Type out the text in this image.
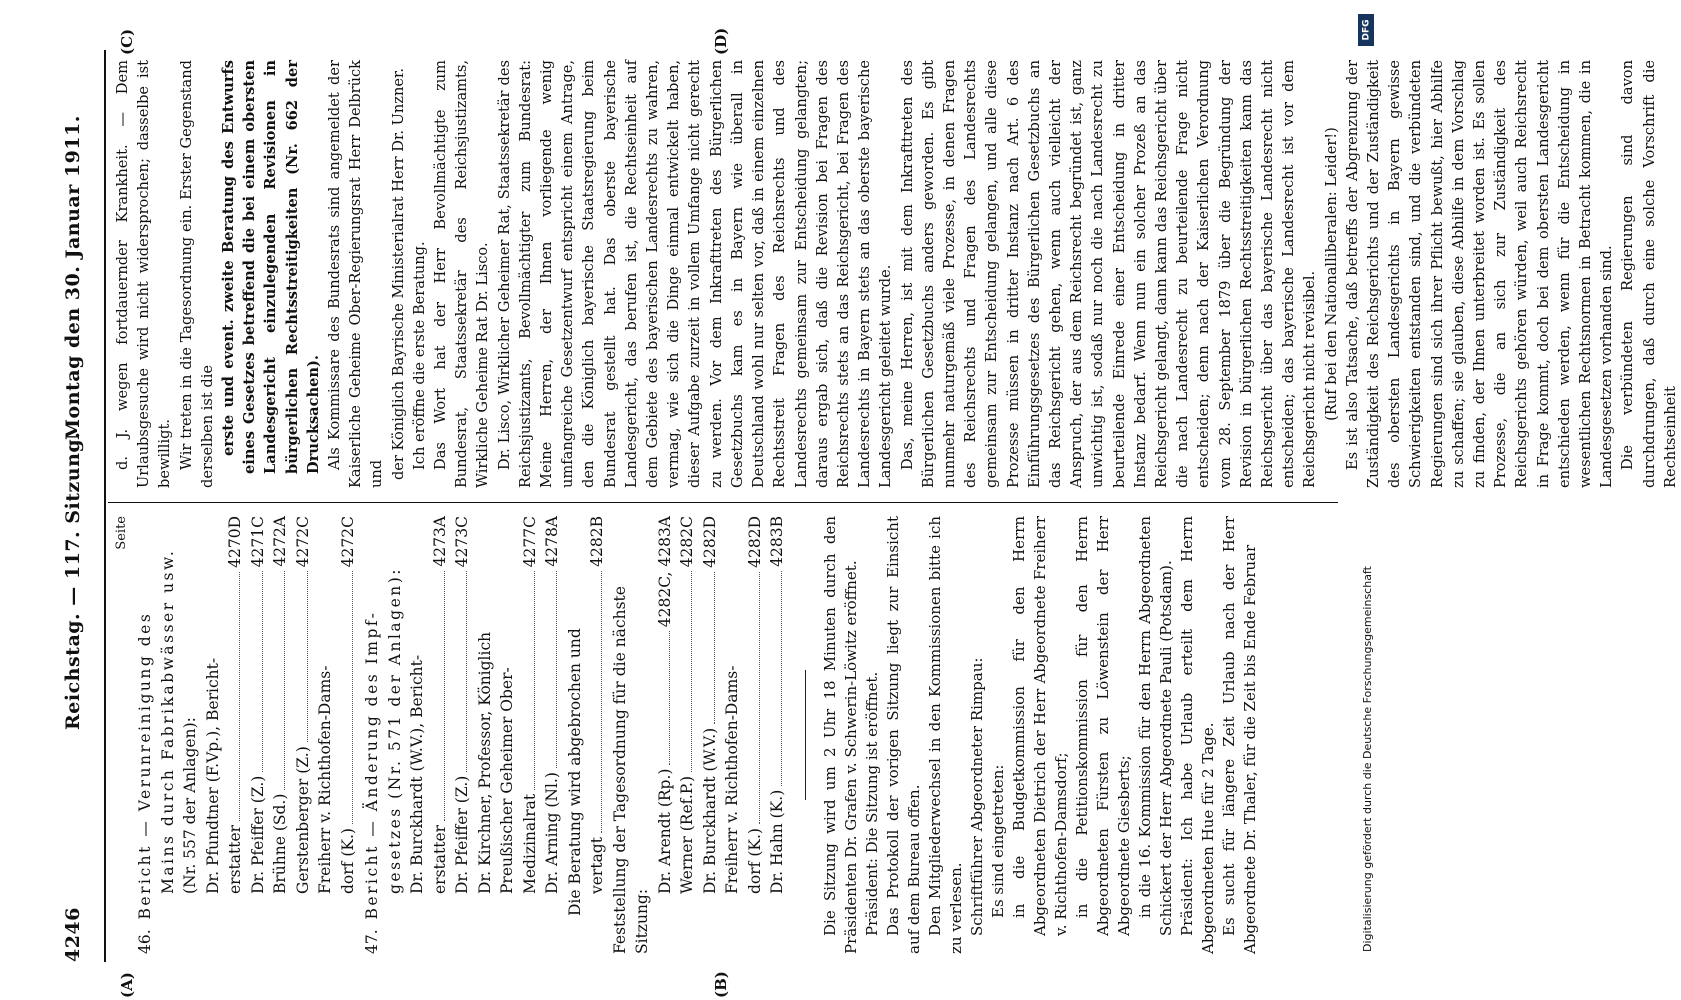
4246
Reichstag. — 117. Sitzung.
Montag den 30. Januar 1911.
(A)	(B)
(C)	(D)
Seite
46.

Bericht — Verunreinigung des Mains durch Fabrikabwässer usw. (Nr. 557 der Anlagen): Dr. Pfundtner (F.Vp.), Bericht- erstatter
4270D
Dr. Pfeiffer (Z.)
4271C
Brühne (Sd.)
4272A
Gerstenberger (Z.)
4272C
Freiherr v. Richthofen-Dams- dorf (K.)
4272C
47.

Bericht — Änderung des Impf- gesetzes (Nr. 571 der Anlagen): Dr. Burckhardt (W.V.), Bericht- erstatter
4273A
Dr. Pfeiffer (Z.)
4273C
Dr. Kirchner, Professor, Königlich Preußischer Geheimer Ober- Medizinalrat
4277C
Dr. Arning (Nl.)
4278A

Die Beratung wird abgebrochen und vertagt
4282B

Feststellung der Tagesordnung für die nächste Sitzung:

Dr. Arendt (Rp.)
4282C, 4283A
Werner (Ref.P.)
4282C
Dr. Burckhardt (W.V.)
4282D
Freiherr v. Richthofen-Dams- dorf (K.)
4282D
Dr. Hahn (K.)
4283B Die Sitzung wird um 2 Uhr 18 Minuten durch den Präsidenten Dr. Grafen v. Schwerin-Löwitz eröffnet. Präsident: Die Sitzung ist eröffnet. Das Protokoll der vorigen Sitzung liegt zur Einsicht auf dem Bureau offen. Den Mitgliederwechsel in den Kommissionen bitte ich zu verlesen. Schriftführer Abgeordneter Rimpau: Es sind eingetreten: in die Budgetkommission für den Herrn Abgeordneten Dietrich der Herr Abgeordnete Freiherr v. Richthofen-Damsdorf; in die Petitionskommission für den Herrn Abgeordneten Fürsten zu Löwenstein der Herr Abgeordnete Giesberts; in die 16. Kommission für den Herrn Abgeordneten Schickert der Herr Abgeordnete Pauli (Potsdam). Präsident: Ich habe Urlaub erteilt dem Herrn Abgeordneten Hue für 2 Tage. Es sucht für längere Zeit Urlaub nach der Herr Abgeordnete Dr. Thaler, für die Zeit bis Ende Februar

d. J. wegen fortdauernder Krankheit. — Dem Urlaubsgesuche wird nicht widersprochen; dasselbe ist bewilligt. Wir treten in die Tagesordnung ein. Erster Gegenstand derselben ist die erste und event. zweite Beratung des Entwurfs eines Gesetzes betreffend die bei einem obersten Landesgericht einzulegenden Revisionen in bürgerlichen Rechtsstreitigkeiten (Nr. 662 der Drucksachen). Als Kommissare des Bundesrats sind angemeldet der Kaiserliche Geheime Ober-Regierungsrat Herr Delbrück und der Königlich Bayrische Ministerialrat Herr Dr. Unzner. Ich eröffne die erste Beratung. Das Wort hat der Herr Bevollmächtigte zum Bundesrat, Staatssekretär des Reichsjustizamts, Wirkliche Geheime Rat Dr. Lisco. Dr. Lisco, Wirklicher Geheimer Rat, Staatssekretär des Reichsjustizamts, Bevollmächtigter zum Bundesrat: Meine Herren, der Ihnen vorliegende wenig umfangreiche Gesetzentwurf entspricht einem Antrage, den die Königlich bayerische Staatsregierung beim Bundesrat gestellt hat. Das oberste bayerische Landesgericht, das berufen ist, die Rechtseinheit auf dem Gebiete des bayerischen Landesrechts zu wahren, vermag, wie sich die Dinge einmal entwickelt haben, dieser Aufgabe zurzeit in vollem Umfange nicht gerecht zu werden. Vor dem Inkrafttreten des Bürgerlichen Gesetzbuchs kam es in Bayern wie überall in Deutschland wohl nur selten vor, daß in einem einzelnen Rechtsstreit Fragen des Reichsrechts und des Landesrechts gemeinsam zur Entscheidung gelangten; daraus ergab sich, daß die Revision bei Fragen des Reichsrechts stets an das Reichsgericht, bei Fragen des Landesrechts in Bayern stets an das oberste bayerische Landesgericht geleitet wurde. Das, meine Herren, ist mit dem Inkrafttreten des Bürgerlichen Gesetzbuchs anders geworden. Es gibt nunmehr naturgemäß viele Prozesse, in denen Fragen des Reichsrechts und Fragen des Landesrechts gemeinsam zur Entscheidung gelangen, und alle diese Prozesse müssen in dritter Instanz nach Art. 6 des Einführungsgesetzes des Bürgerlichen Gesetzbuchs an das Reichsgericht gehen, wenn auch vielleicht der Anspruch, der aus dem Reichsrecht begründet ist, ganz unwichtig ist, sodaß nur noch die nach Landesrecht zu beurteilende Einrede einer Entscheidung in dritter Instanz bedarf. Wenn nun ein solcher Prozeß an das Reichsgericht gelangt, dann kann das Reichsgericht über die nach Landesrecht zu beurteilende Frage nicht entscheiden; denn nach der Kaiserlichen Verordnung vom 28. September 1879 über die Begründung der Revision in bürgerlichen Rechtsstreitigkeiten kann das Reichsgericht über das bayerische Landesrecht nicht entscheiden; das bayerische Landesrecht ist vor dem Reichsgericht nicht revisibel. (Ruf bei den Nationalliberalen: Leider!) Es ist also Tatsache, daß betreffs der Abgrenzung der Zuständigkeit des Reichsgerichts und der Zuständigkeit des obersten Landesgerichts in Bayern gewisse Schwierigkeiten entstanden sind, und die verbündeten Regierungen sind sich ihrer Pflicht bewußt, hier Abhilfe zu schaffen; sie glauben, diese Abhilfe in dem Vorschlag zu finden, der Ihnen unterbreitet worden ist. Es sollen Prozesse, die an sich zur Zuständigkeit des Reichsgerichts gehören würden, weil auch Reichsrecht in Frage kommt, doch bei dem obersten Landesgericht entschieden werden, wenn für die Entscheidung in wesentlichen Rechtsnormen in Betracht kommen, die in Landesgesetzen vorhanden sind. Die verbündeten Regierungen sind davon durchdrungen, daß durch eine solche Vorschrift die Rechtseinheit

Digitalisierung gefördert durch die Deutsche Forschungsgemeinschaft
DFG
